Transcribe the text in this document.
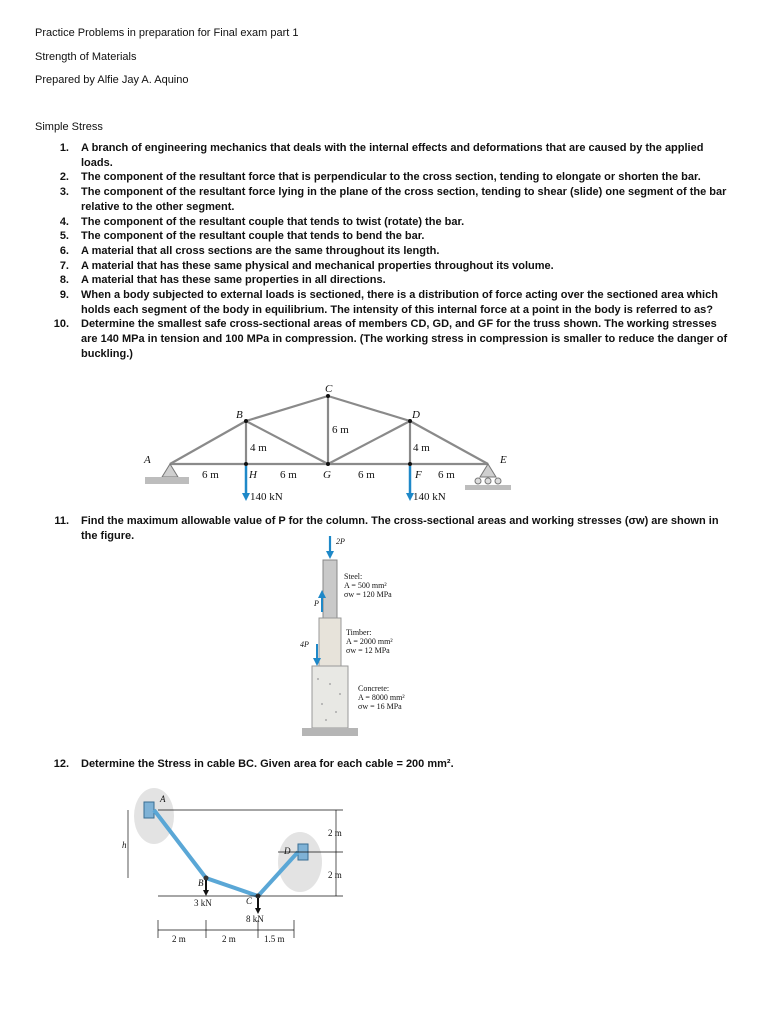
Practice Problems in preparation for Final exam part 1
Strength of Materials
Prepared by Alfie Jay A. Aquino
Simple Stress
1. A branch of engineering mechanics that deals with the internal effects and deformations that are caused by the applied loads.
2. The component of the resultant force that is perpendicular to the cross section, tending to elongate or shorten the bar.
3. The component of the resultant force lying in the plane of the cross section, tending to shear (slide) one segment of the bar relative to the other segment.
4. The component of the resultant couple that tends to twist (rotate) the bar.
5. The component of the resultant couple that tends to bend the bar.
6. A material that all cross sections are the same throughout its length.
7. A material that has these same physical and mechanical properties throughout its volume.
8. A material that has these same properties in all directions.
9. When a body subjected to external loads is sectioned, there is a distribution of force acting over the sectioned area which holds each segment of the body in equilibrium. The intensity of this internal force at a point in the body is referred to as?
10. Determine the smallest safe cross-sectional areas of members CD, GD, and GF for the truss shown. The working stresses are 140 MPa in tension and 100 MPa in compression. (The working stress in compression is smaller to reduce the danger of buckling.)
A
B
C
D
E
F
G
H
4 m	4 m
6 m
6 m	6 m	6 m	6 m
140 kN	140 kN
11. Find the maximum allowable value of P for the column. The cross-sectional areas and working stresses (σw) are shown in the figure.	2P
P
4P
Steel:
A = 500 mm²
σw = 120 MPa
Timber:
A = 2000 mm²
σw = 12 MPa
Concrete:
A = 8000 mm²
σw = 16 MPa
12. Determine the Stress in cable BC. Given area for each cable = 200 mm².
A
B
C
D
h
2 m
2 m
3 kN
8 kN
2 m	2 m	1.5 m
